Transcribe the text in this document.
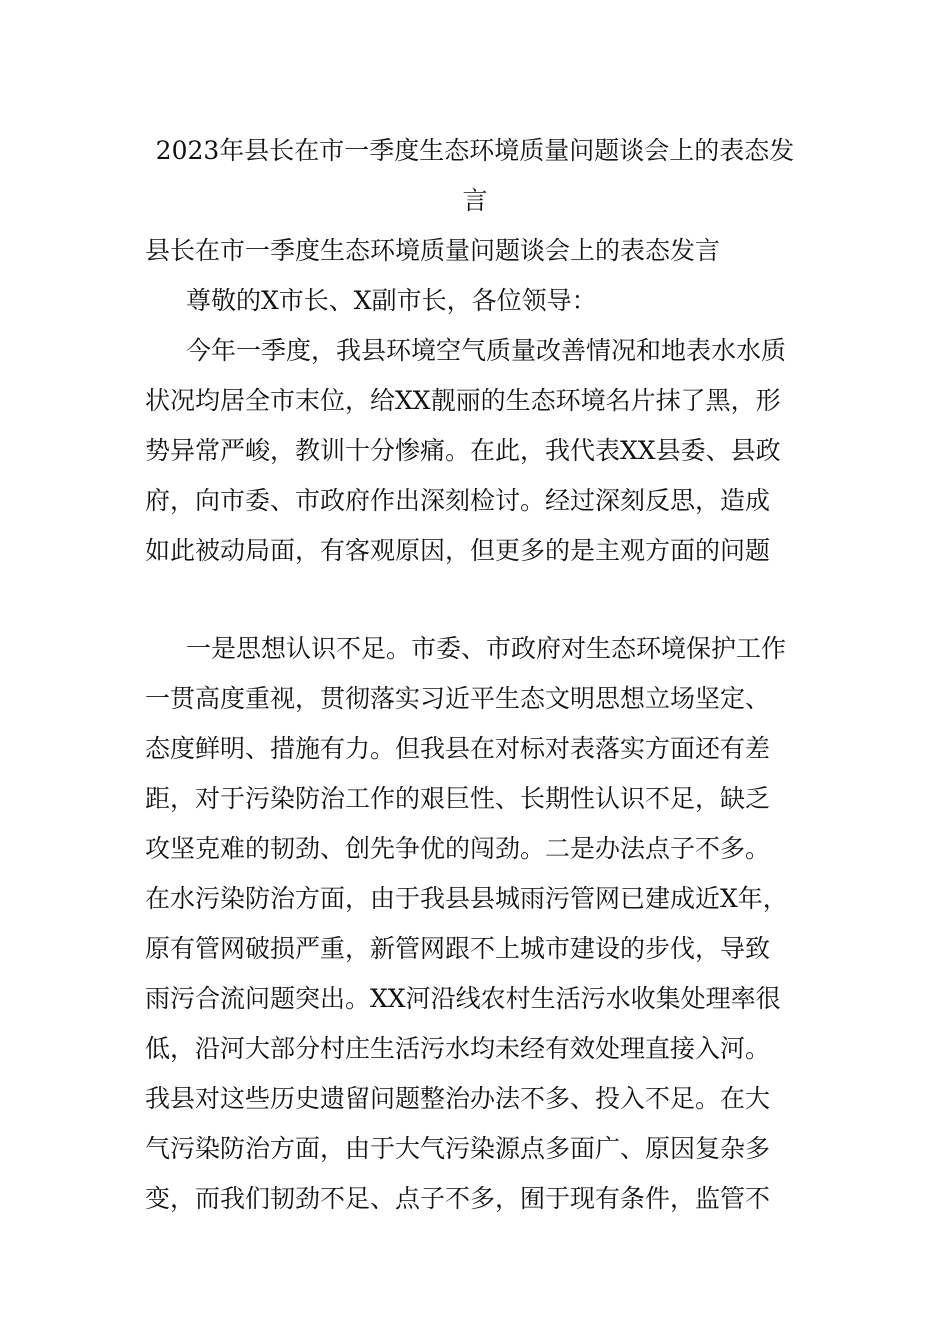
2023年县长在市一季度生态环境质量问题谈会上的表态发
言

县长在市一季度生态环境质量问题谈会上的表态发言

尊敬的X市长、X副市长，各位领导：

今年一季度，我县环境空气质量改善情况和地表水水质

状况均居全市末位，给XX靓丽的生态环境名片抹了黑，形

势异常严峻，教训十分惨痛。在此，我代表XX县委、县政

府，向市委、市政府作出深刻检讨。经过深刻反思，造成

如此被动局面，有客观原因，但更多的是主观方面的问题

一是思想认识不足。市委、市政府对生态环境保护工作

一贯高度重视，贯彻落实习近平生态文明思想立场坚定、

态度鲜明、措施有力。但我县在对标对表落实方面还有差

距，对于污染防治工作的艰巨性、长期性认识不足，缺乏

攻坚克难的韧劲、创先争优的闯劲。二是办法点子不多。

在水污染防治方面，由于我县县城雨污管网已建成近X年，

原有管网破损严重，新管网跟不上城市建设的步伐，导致

雨污合流问题突出。XX河沿线农村生活污水收集处理率很

低，沿河大部分村庄生活污水均未经有效处理直接入河。

我县对这些历史遗留问题整治办法不多、投入不足。在大

气污染防治方面，由于大气污染源点多面广、原因复杂多

变，而我们韧劲不足、点子不多，囿于现有条件，监管不
